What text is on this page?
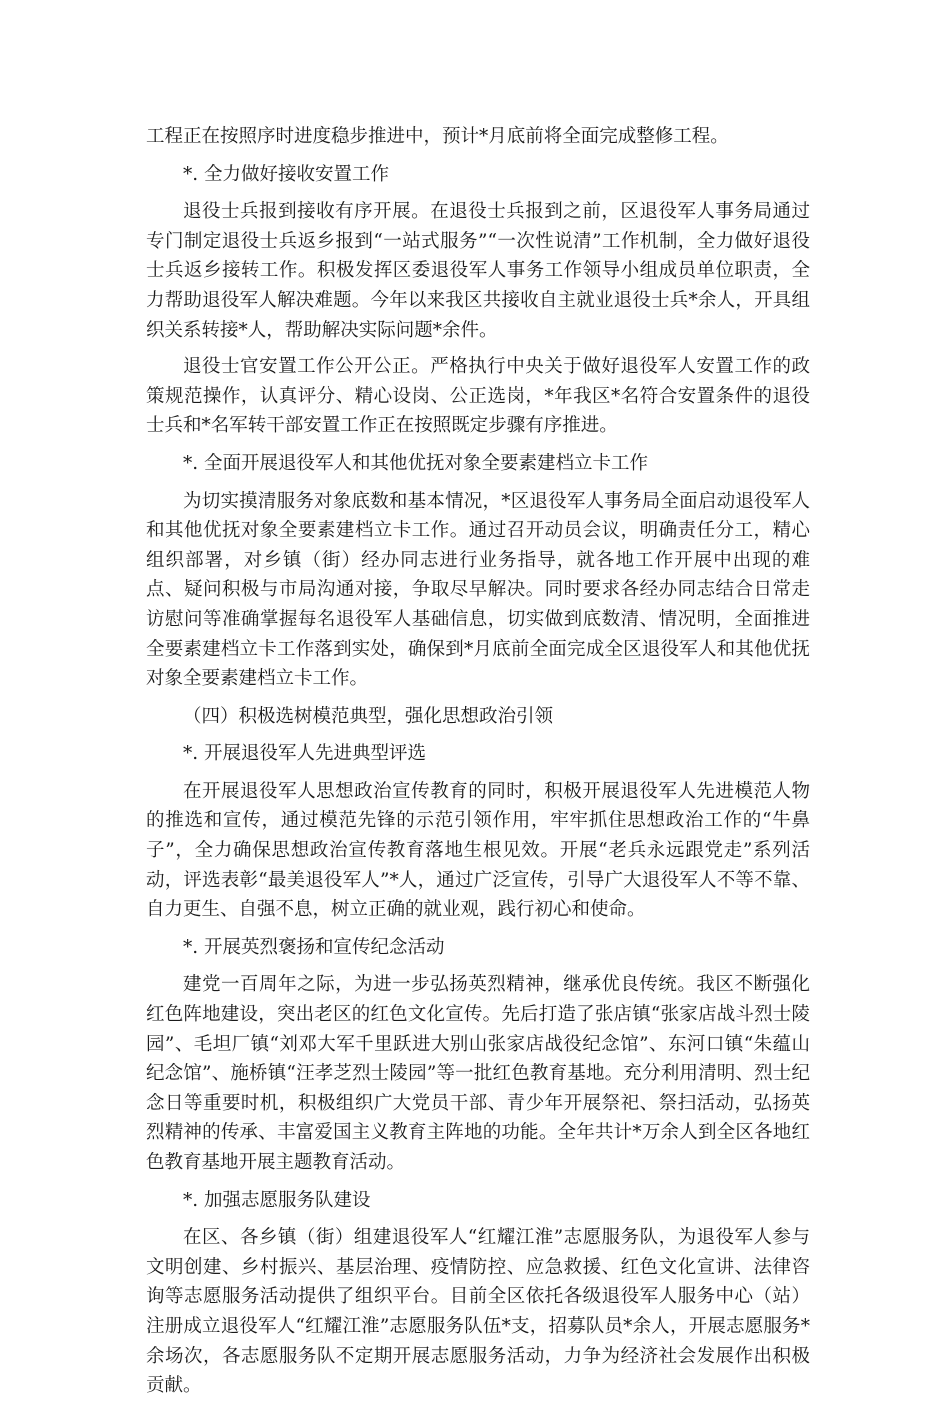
工程正在按照序时进度稳步推进中，预计*月底前将全面完成整修工程。

*. 全力做好接收安置工作

退役士兵报到接收有序开展。在退役士兵报到之前，区退役军人事务局通过专门制定退役士兵返乡报到“一站式服务”“一次性说清”工作机制，全力做好退役士兵返乡接转工作。积极发挥区委退役军人事务工作领导小组成员单位职责，全力帮助退役军人解决难题。今年以来我区共接收自主就业退役士兵*余人，开具组织关系转接*人，帮助解决实际问题*余件。

退役士官安置工作公开公正。严格执行中央关于做好退役军人安置工作的政策规范操作，认真评分、精心设岗、公正选岗，*年我区*名符合安置条件的退役士兵和*名军转干部安置工作正在按照既定步骤有序推进。

*. 全面开展退役军人和其他优抚对象全要素建档立卡工作

为切实摸清服务对象底数和基本情况，*区退役军人事务局全面启动退役军人和其他优抚对象全要素建档立卡工作。通过召开动员会议，明确责任分工，精心组织部署，对乡镇（街）经办同志进行业务指导，就各地工作开展中出现的难点、疑问积极与市局沟通对接，争取尽早解决。同时要求各经办同志结合日常走访慰问等准确掌握每名退役军人基础信息，切实做到底数清、情况明，全面推进全要素建档立卡工作落到实处，确保到*月底前全面完成全区退役军人和其他优抚对象全要素建档立卡工作。

（四）积极选树模范典型，强化思想政治引领

*. 开展退役军人先进典型评选

在开展退役军人思想政治宣传教育的同时，积极开展退役军人先进模范人物的推选和宣传，通过模范先锋的示范引领作用，牢牢抓住思想政治工作的“牛鼻子”，全力确保思想政治宣传教育落地生根见效。开展“老兵永远跟党走”系列活动，评选表彰“最美退役军人”*人，通过广泛宣传，引导广大退役军人不等不靠、自力更生、自强不息，树立正确的就业观，践行初心和使命。

*. 开展英烈褒扬和宣传纪念活动

建党一百周年之际，为进一步弘扬英烈精神，继承优良传统。我区不断强化红色阵地建设，突出老区的红色文化宣传。先后打造了张店镇“张家店战斗烈士陵园”、毛坦厂镇“刘邓大军千里跃进大别山张家店战役纪念馆”、东河口镇“朱蕴山纪念馆”、施桥镇“汪孝芝烈士陵园”等一批红色教育基地。充分利用清明、烈士纪念日等重要时机，积极组织广大党员干部、青少年开展祭祀、祭扫活动，弘扬英烈精神的传承、丰富爱国主义教育主阵地的功能。全年共计*万余人到全区各地红色教育基地开展主题教育活动。

*. 加强志愿服务队建设

在区、各乡镇（街）组建退役军人“红耀江淮”志愿服务队，为退役军人参与文明创建、乡村振兴、基层治理、疫情防控、应急救援、红色文化宣讲、法律咨询等志愿服务活动提供了组织平台。目前全区依托各级退役军人服务中心（站）注册成立退役军人“红耀江淮”志愿服务队伍*支，招募队员*余人，开展志愿服务*余场次，各志愿服务队不定期开展志愿服务活动，力争为经济社会发展作出积极贡献。
